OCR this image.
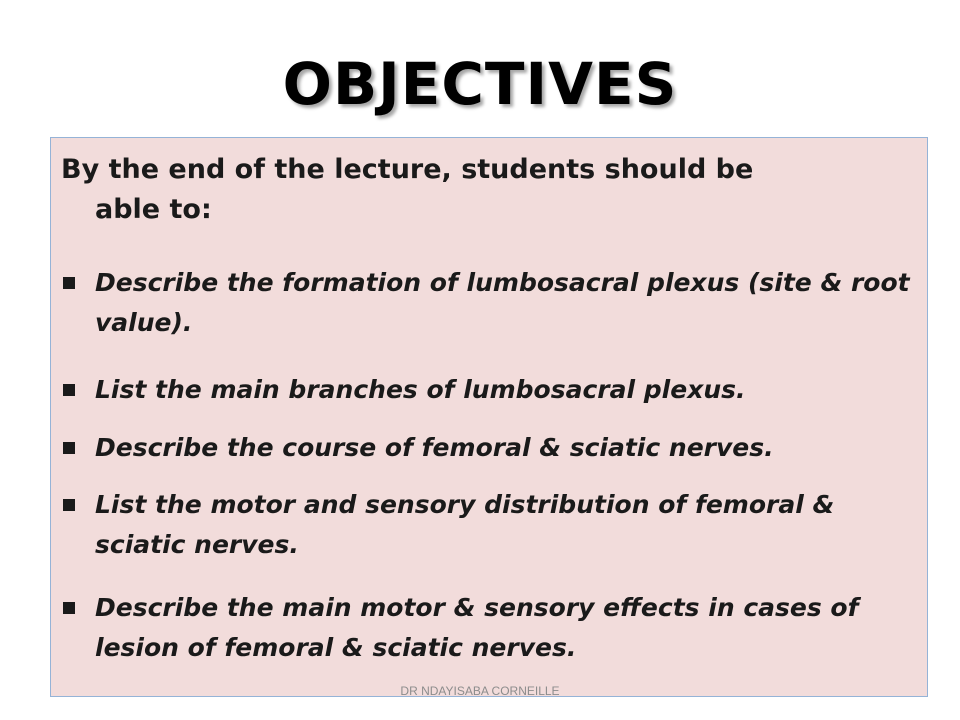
OBJECTIVES

By the end of the lecture, students should be
able to:

Describe the formation of lumbosacral plexus (site & root value).
List the main branches of lumbosacral plexus.
Describe the course of femoral & sciatic nerves.
List the motor and sensory distribution of femoral & sciatic nerves.
Describe the main motor & sensory effects in cases of lesion of femoral & sciatic nerves.
DR NDAYISABA CORNEILLE
